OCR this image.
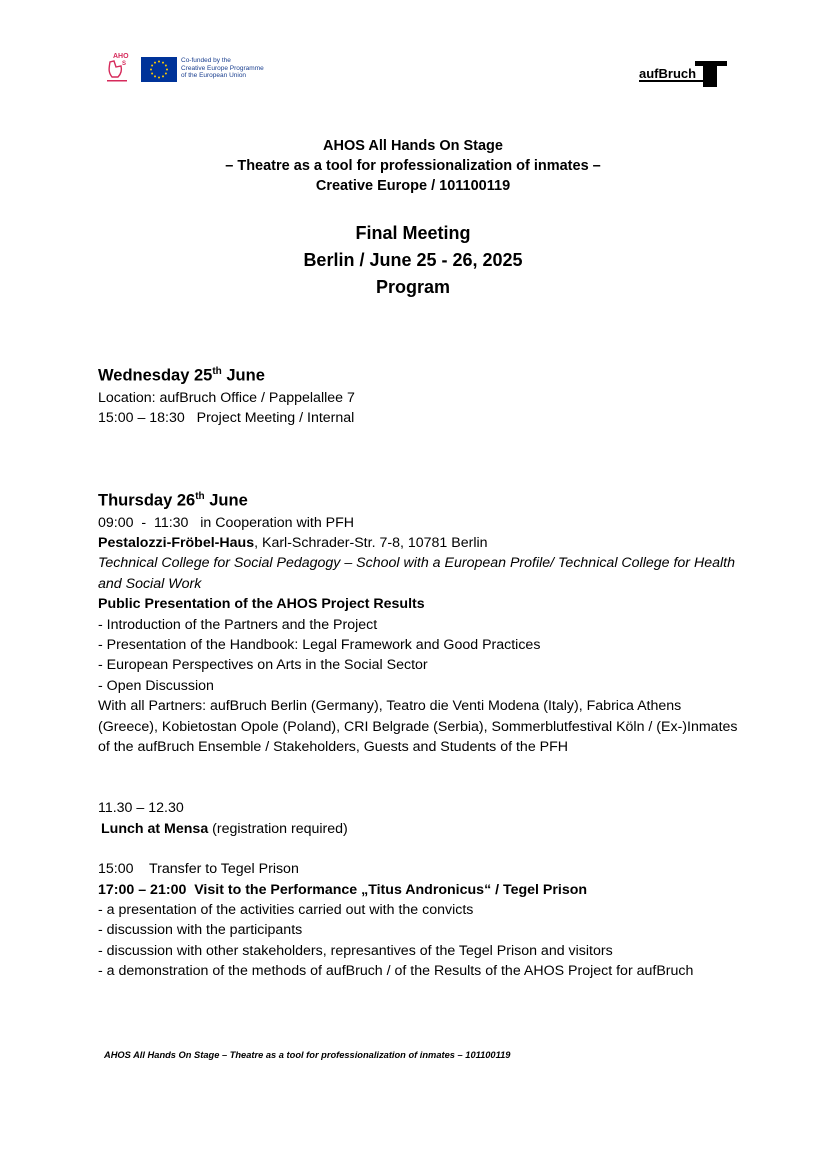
AHO
S	Co-funded by the
Creative Europe Programme
of the European Union	aufBruch
AHOS All Hands On Stage
– Theatre as a tool for professionalization of inmates –
Creative Europe / 101100119
Final Meeting
Berlin / June 25 - 26, 2025
Program
Wednesday 25th June
Location: aufBruch Office / Pappelallee 7
15:00 – 18:30   Project Meeting / Internal
Thursday 26th June
09:00  -  11:30   in Cooperation with PFH
Pestalozzi-Fröbel-Haus, Karl-Schrader-Str. 7-8, 10781 Berlin
Technical College for Social Pedagogy – School with a European Profile/ Technical College for Health and Social Work
Public Presentation of the AHOS Project Results
- Introduction of the Partners and the Project
- Presentation of the Handbook: Legal Framework and Good Practices
- European Perspectives on Arts in the Social Sector
- Open Discussion
With all Partners: aufBruch Berlin (Germany), Teatro die Venti Modena (Italy), Fabrica Athens (Greece), Kobietostan Opole (Poland), CRI Belgrade (Serbia), Sommerblutfestival Köln / (Ex-)Inmates of the aufBruch Ensemble / Stakeholders, Guests and Students of the PFH
11.30 – 12.30
Lunch at Mensa (registration required)
15:00    Transfer to Tegel Prison
17:00 – 21:00  Visit to the Performance „Titus Andronicus“ / Tegel Prison
- a presentation of the activities carried out with the convicts
- discussion with the participants
- discussion with other stakeholders, represantives of the Tegel Prison and visitors
- a demonstration of the methods of aufBruch / of the Results of the AHOS Project for aufBruch
AHOS All Hands On Stage – Theatre as a tool for professionalization of inmates – 101100119
